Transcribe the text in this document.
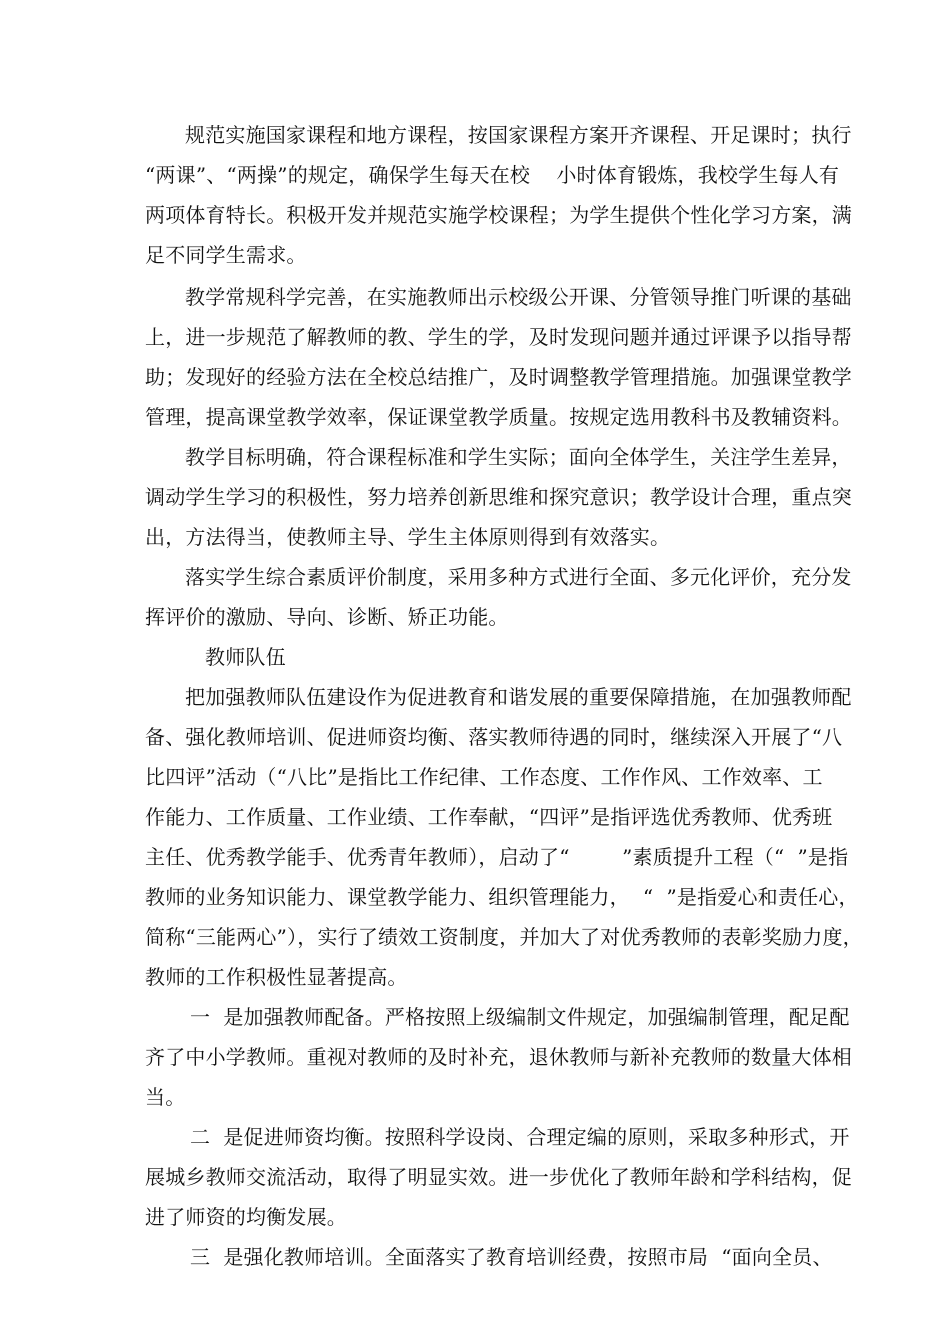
规范实施国家课程和地方课程，按国家课程方案开齐课程、开足课时；执行
“两课”、“两操”的规定，确保学生每天在校    小时体育锻炼，我校学生每人有
两项体育特长。积极开发并规范实施学校课程；为学生提供个性化学习方案，满
足不同学生需求。
教学常规科学完善，在实施教师出示校级公开课、分管领导推门听课的基础
上，进一步规范了解教师的教、学生的学，及时发现问题并通过评课予以指导帮
助；发现好的经验方法在全校总结推广，及时调整教学管理措施。加强课堂教学
管理，提高课堂教学效率，保证课堂教学质量。按规定选用教科书及教辅资料。
教学目标明确，符合课程标准和学生实际；面向全体学生，关注学生差异，
调动学生学习的积极性，努力培养创新思维和探究意识；教学设计合理，重点突
出，方法得当，使教师主导、学生主体原则得到有效落实。
落实学生综合素质评价制度，采用多种方式进行全面、多元化评价，充分发
挥评价的激励、导向、诊断、矫正功能。
教师队伍
把加强教师队伍建设作为促进教育和谐发展的重要保障措施，在加强教师配
备、强化教师培训、促进师资均衡、落实教师待遇的同时，继续深入开展了“八
比四评”活动（“八比”是指比工作纪律、工作态度、工作作风、工作效率、工
作能力、工作质量、工作业绩、工作奉献，“四评”是指评选优秀教师、优秀班
主任、优秀教学能手、优秀青年教师），启动了“        ”素质提升工程（“  ”是指
教师的业务知识能力、课堂教学能力、组织管理能力，  “  ”是指爱心和责任心，
简称“三能两心”），实行了绩效工资制度，并加大了对优秀教师的表彰奖励力度，
教师的工作积极性显著提高。
一  是加强教师配备。严格按照上级编制文件规定，加强编制管理，配足配
齐了中小学教师。重视对教师的及时补充，退休教师与新补充教师的数量大体相
当。
二  是促进师资均衡。按照科学设岗、合理定编的原则，采取多种形式，开
展城乡教师交流活动，取得了明显实效。进一步优化了教师年龄和学科结构，促
进了师资的均衡发展。
三  是强化教师培训。全面落实了教育培训经费，按照市局  “面向全员、
